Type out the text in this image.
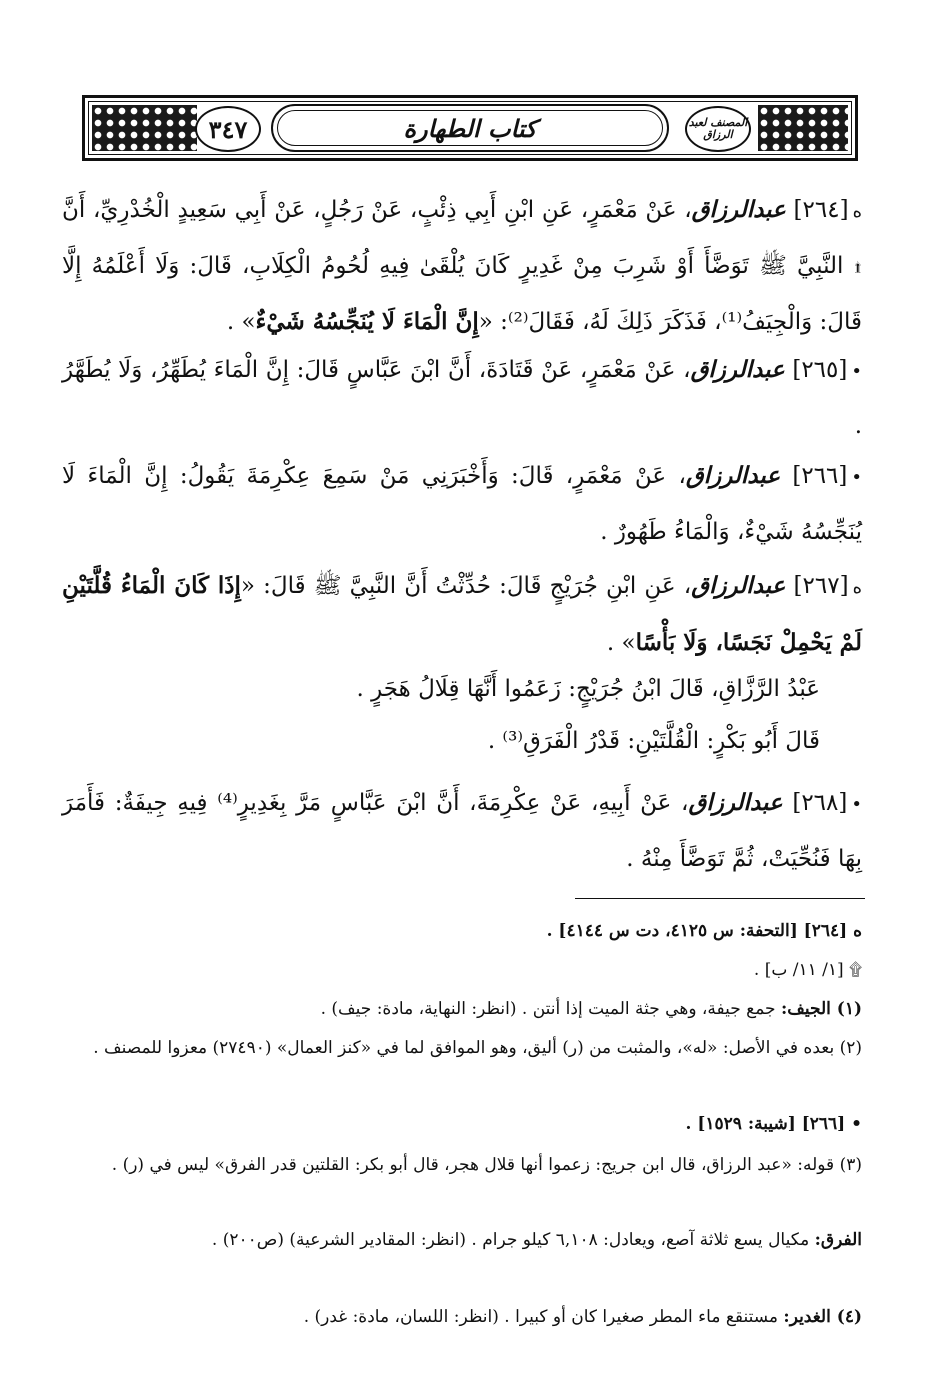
المصنف لعبد الرزاق
٣٤٧	كتاب الطهارة

ه[٢٦٤] عبدالرزاق، عَنْ مَعْمَرٍ، عَنِ ابْنِ أَبِي ذِئْبٍ، عَنْ رَجُلٍ، عَنْ أَبِي سَعِيدٍ الْخُدْرِيِّ، أَنَّ ۩ النَّبِيَّ ﷺ تَوَضَّأَ أَوْ شَرِبَ مِنْ غَدِيرٍ كَانَ يُلْقَىٰ فِيهِ لُحُومُ الْكِلَابِ، قَالَ: وَلَا أَعْلَمُهُ إِلَّا قَالَ: وَالْجِيَفُ⁽¹⁾، فَذَكَرَ ذَلِكَ لَهُ، فَقَالَ⁽²⁾: «إِنَّ الْمَاءَ لَا يُنَجِّسُهُ شَيْءٌ» .

•[٢٦٥] عبدالرزاق، عَنْ مَعْمَرٍ، عَنْ قَتَادَةَ، أَنَّ ابْنَ عَبَّاسٍ قَالَ: إِنَّ الْمَاءَ يُطَهِّرُ، وَلَا يُطَهَّرُ .

•[٢٦٦] عبدالرزاق، عَنْ مَعْمَرٍ، قَالَ: وَأَخْبَرَنِي مَنْ سَمِعَ عِكْرِمَةَ يَقُولُ: إِنَّ الْمَاءَ لَا يُنَجِّسُهُ شَيْءٌ، وَالْمَاءُ طَهُورٌ .

ه[٢٦٧] عبدالرزاق، عَنِ ابْنِ جُرَيْجٍ قَالَ: حُدِّثْتُ أَنَّ النَّبِيَّ ﷺ قَالَ: «إِذَا كَانَ الْمَاءُ قُلَّتَيْنِ لَمْ يَحْمِلْ نَجَسًا، وَلَا بَأْسًا» .

عَبْدُ الرَّزَّاقِ، قَالَ ابْنُ جُرَيْجٍ: زَعَمُوا أَنَّهَا قِلَالُ هَجَرٍ .

قَالَ أَبُو بَكْرٍ: الْقُلَّتَيْنِ: قَدْرُ الْفَرَقِ⁽³⁾ .

•[٢٦٨] عبدالرزاق، عَنْ أَبِيهِ، عَنْ عِكْرِمَةَ، أَنَّ ابْنَ عَبَّاسٍ مَرَّ بِغَدِيرٍ⁽⁴⁾ فِيهِ جِيفَةٌ: فَأَمَرَ بِهَا فَنُحِّيَتْ، ثُمَّ تَوَضَّأَ مِنْهُ .

ه [٢٦٤] [التحفة: س ٤١٢٥، دت س ٤١٤٤] .

۩ [١/ ١١/ ب] .

(١) الجيف: جمع جيفة، وهي جثة الميت إذا أنتن . (انظر: النهاية، مادة: جيف) .

(٢) بعده في الأصل: «له»، والمثبت من (ر) أليق، وهو الموافق لما في «كنز العمال» (٢٧٤٩٠) معزوا للمصنف .

• [٢٦٦] [شيبة: ١٥٢٩] .

(٣) قوله: «عبد الرزاق، قال ابن جريج: زعموا أنها قلال هجر، قال أبو بكر: القلتين قدر الفرق» ليس في (ر) .

الفرق: مكيال يسع ثلاثة آصع، ويعادل: ٦,١٠٨ كيلو جرام . (انظر: المقادير الشرعية) (ص٢٠٠) .

(٤) الغدير: مستنقع ماء المطر صغيرا كان أو كبيرا . (انظر: اللسان، مادة: غدر) .
